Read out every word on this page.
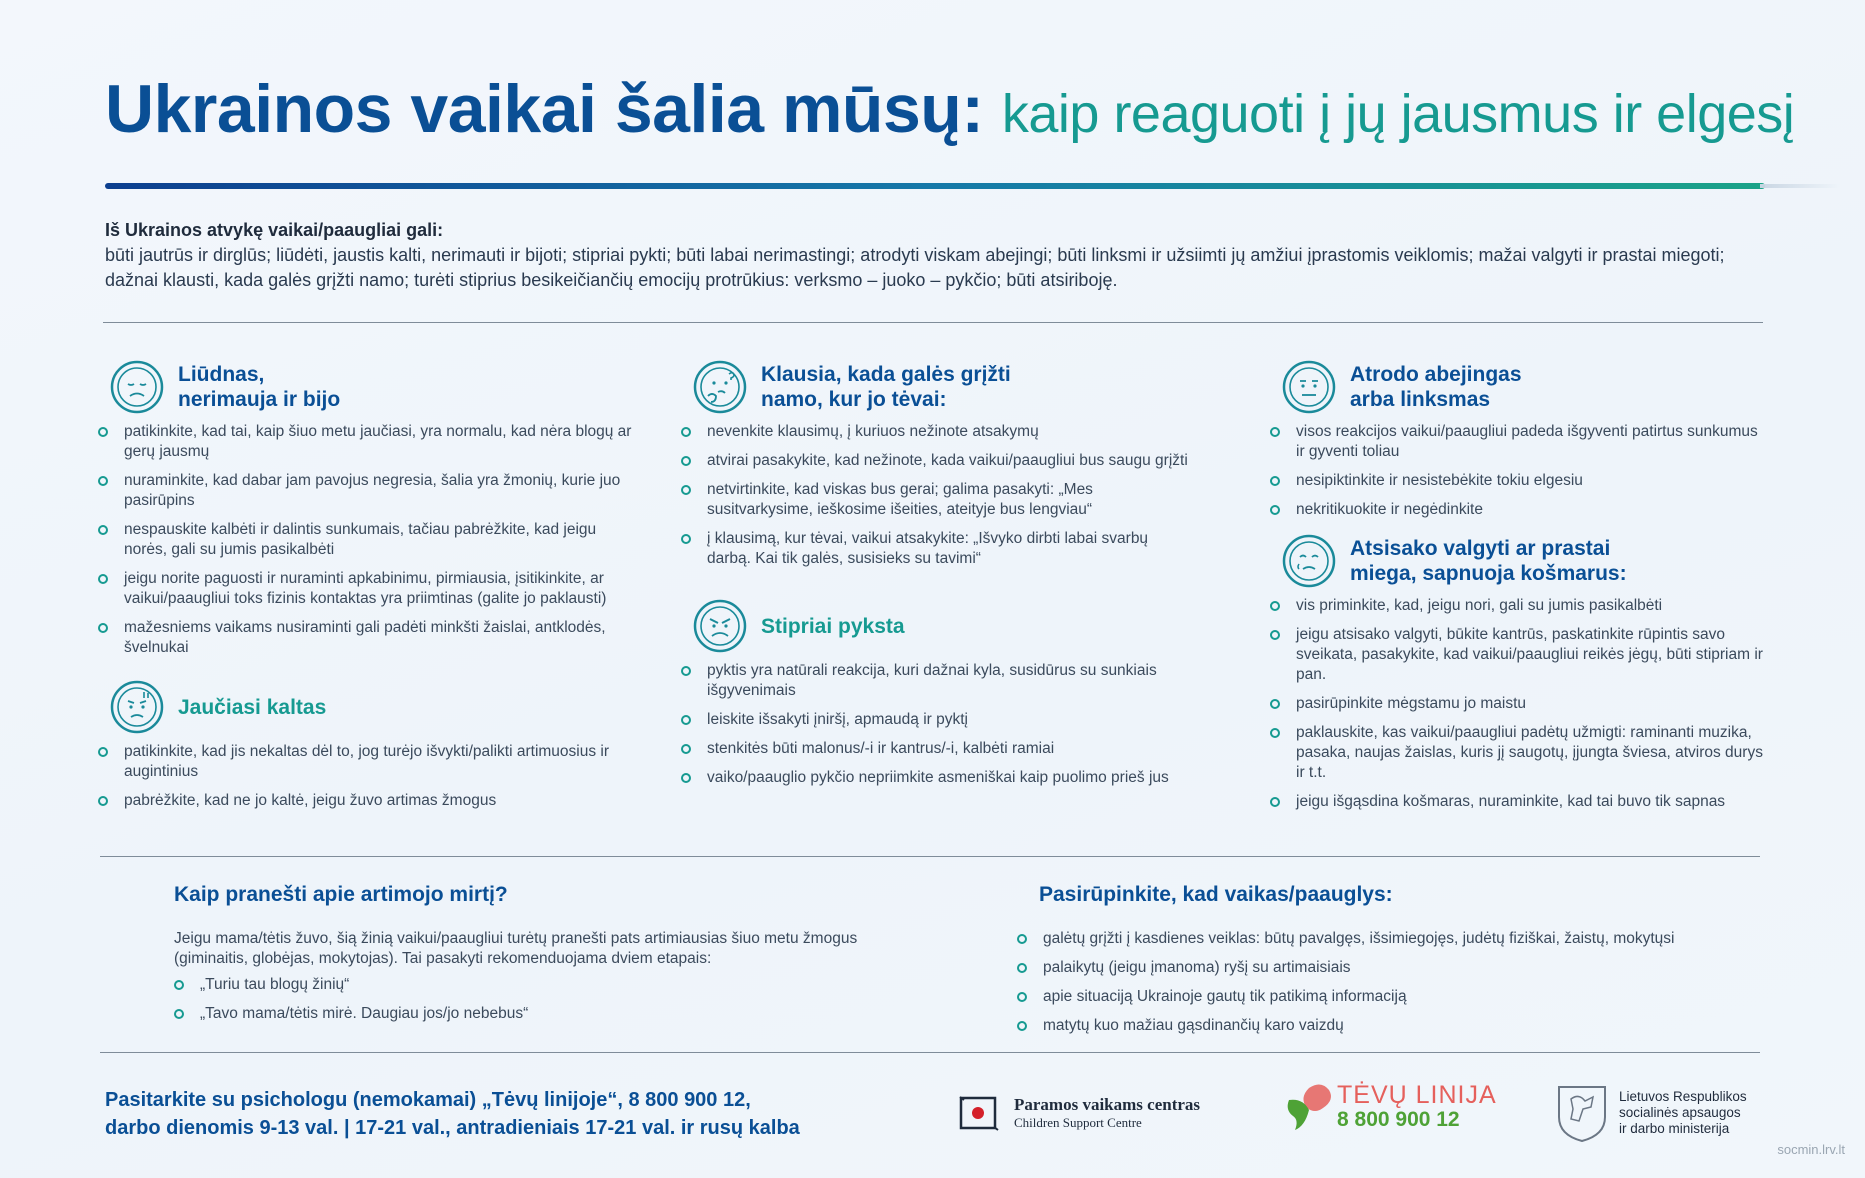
Ukrainos vaikai šalia mūsų: kaip reaguoti į jų jausmus ir elgesį
Iš Ukrainos atvykę vaikai/paaugliai gali:
būti jautrūs ir dirglūs; liūdėti, jaustis kalti, nerimauti ir bijoti; stipriai pykti; būti labai nerimastingi; atrodyti viskam abejingi; būti linksmi ir užsiimti jų amžiui įprastomis veiklomis; mažai valgyti ir prastai miegoti; dažnai klausti, kada galės grįžti namo; turėti stiprius besikeičiančių emocijų protrūkius: verksmo – juoko – pykčio; būti atsiriboję.
Liūdnas,
nerimauja ir bijo
patikinkite, kad tai, kaip šiuo metu jaučiasi, yra normalu, kad nėra blogų ar gerų jausmų
nuraminkite, kad dabar jam pavojus negresia, šalia yra žmonių, kurie juo pasirūpins
nespauskite kalbėti ir dalintis sunkumais, tačiau pabrėžkite, kad jeigu norės, gali su jumis pasikalbėti
jeigu norite paguosti ir nuraminti apkabinimu, pirmiausia, įsitikinkite, ar vaikui/paaugliui toks fizinis kontaktas yra priimtinas (galite jo paklausti)
mažesniems vaikams nusiraminti gali padėti minkšti žaislai, antklodės, švelnukai
Jaučiasi kaltas
patikinkite, kad jis nekaltas dėl to, jog turėjo išvykti/palikti artimuosius ir augintinius
pabrėžkite, kad ne jo kaltė, jeigu žuvo artimas žmogus
Klausia, kada galės grįžti
namo, kur jo tėvai:
nevenkite klausimų, į kuriuos nežinote atsakymų
atvirai pasakykite, kad nežinote, kada vaikui/paaugliui bus saugu grįžti
netvirtinkite, kad viskas bus gerai; galima pasakyti: „Mes susitvarkysime, ieškosime išeities, ateityje bus lengviau“
į klausimą, kur tėvai, vaikui atsakykite: „Išvyko dirbti labai svarbų darbą. Kai tik galės, susisieks su tavimi“
Stipriai pyksta
pyktis yra natūrali reakcija, kuri dažnai kyla, susidūrus su sunkiais išgyvenimais
leiskite išsakyti įniršį, apmaudą ir pyktį
stenkitės būti malonus/-i ir kantrus/-i, kalbėti ramiai
vaiko/paauglio pykčio nepriimkite asmeniškai kaip puolimo prieš jus
Atrodo abejingas
arba linksmas
visos reakcijos vaikui/paaugliui padeda išgyventi patirtus sunkumus ir gyventi toliau
nesipiktinkite ir nesistebėkite tokiu elgesiu
nekritikuokite ir negėdinkite
Atsisako valgyti ar prastai
miega, sapnuoja košmarus:
vis priminkite, kad, jeigu nori, gali su jumis pasikalbėti
jeigu atsisako valgyti, būkite kantrūs, paskatinkite rūpintis savo sveikata, pasakykite, kad vaikui/paaugliui reikės jėgų, būti stipriam ir pan.
pasirūpinkite mėgstamu jo maistu
paklauskite, kas vaikui/paaugliui padėtų užmigti: raminanti muzika, pasaka, naujas žaislas, kuris jį saugotų, įjungta šviesa, atviros durys ir t.t.
jeigu išgąsdina košmaras, nuraminkite, kad tai buvo tik sapnas
Kaip pranešti apie artimojo mirtį?
Jeigu mama/tėtis žuvo, šią žinią vaikui/paaugliui turėtų pranešti pats artimiausias šiuo metu žmogus (giminaitis, globėjas, mokytojas). Tai pasakyti rekomenduojama dviem etapais:
„Turiu tau blogų žinių“
„Tavo mama/tėtis mirė. Daugiau jos/jo nebebus“
Pasirūpinkite, kad vaikas/paauglys:
galėtų grįžti į kasdienes veiklas: būtų pavalgęs, išsimiegojęs, judėtų fiziškai, žaistų, mokytųsi
palaikytų (jeigu įmanoma) ryšį su artimaisiais
apie situaciją Ukrainoje gautų tik patikimą informaciją
matytų kuo mažiau gąsdinančių karo vaizdų
Pasitarkite su psichologu (nemokamai) „Tėvų linijoje“, 8 800 900 12,
darbo dienomis 9-13 val. | 17-21 val., antradieniais 17-21 val. ir rusų kalba
Paramos vaikams centras
Children Support Centre
TĖVŲ LINIJA
8 800 900 12
Lietuvos Respublikos
socialinės apsaugos
ir darbo ministerija
socmin.lrv.lt
